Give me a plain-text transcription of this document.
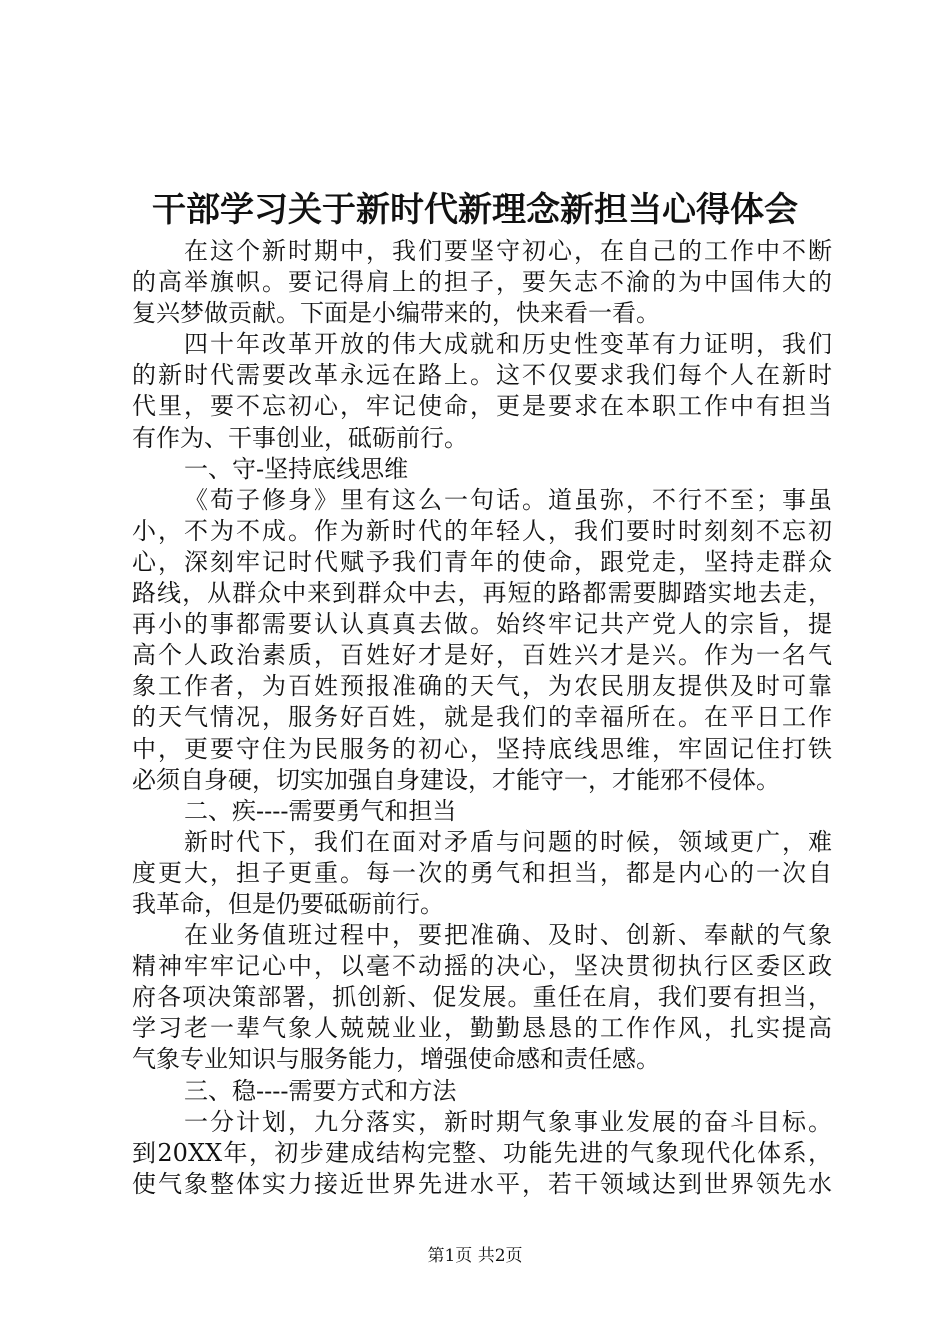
干部学习关于新时代新理念新担当心得体会
在这个新时期中，我们要坚守初心，在自己的工作中不断
的高举旗帜。要记得肩上的担子，要矢志不渝的为中国伟大的
复兴梦做贡献。下面是小编带来的，快来看一看。
四十年改革开放的伟大成就和历史性变革有力证明，我们
的新时代需要改革永远在路上。这不仅要求我们每个人在新时
代里，要不忘初心，牢记使命，更是要求在本职工作中有担当
有作为、干事创业，砥砺前行。
一、守-坚持底线思维
《荀子修身》里有这么一句话。道虽弥，不行不至；事虽
小，不为不成。作为新时代的年轻人，我们要时时刻刻不忘初
心，深刻牢记时代赋予我们青年的使命，跟党走，坚持走群众
路线，从群众中来到群众中去，再短的路都需要脚踏实地去走，
再小的事都需要认认真真去做。始终牢记共产党人的宗旨，提
高个人政治素质，百姓好才是好，百姓兴才是兴。作为一名气
象工作者，为百姓预报准确的天气，为农民朋友提供及时可靠
的天气情况，服务好百姓，就是我们的幸福所在。在平日工作
中，更要守住为民服务的初心，坚持底线思维，牢固记住打铁
必须自身硬，切实加强自身建设，才能守一，才能邪不侵体。
二、疾----需要勇气和担当
新时代下，我们在面对矛盾与问题的时候，领域更广，难
度更大，担子更重。每一次的勇气和担当，都是内心的一次自
我革命，但是仍要砥砺前行。
在业务值班过程中，要把准确、及时、创新、奉献的气象
精神牢牢记心中，以毫不动摇的决心，坚决贯彻执行区委区政
府各项决策部署，抓创新、促发展。重任在肩，我们要有担当，
学习老一辈气象人兢兢业业，勤勤恳恳的工作作风，扎实提高
气象专业知识与服务能力，增强使命感和责任感。
三、稳----需要方式和方法
一分计划，九分落实，新时期气象事业发展的奋斗目标。
到20XX年，初步建成结构完整、功能先进的气象现代化体系，
使气象整体实力接近世界先进水平，若干领域达到世界领先水
第1页 共2页
